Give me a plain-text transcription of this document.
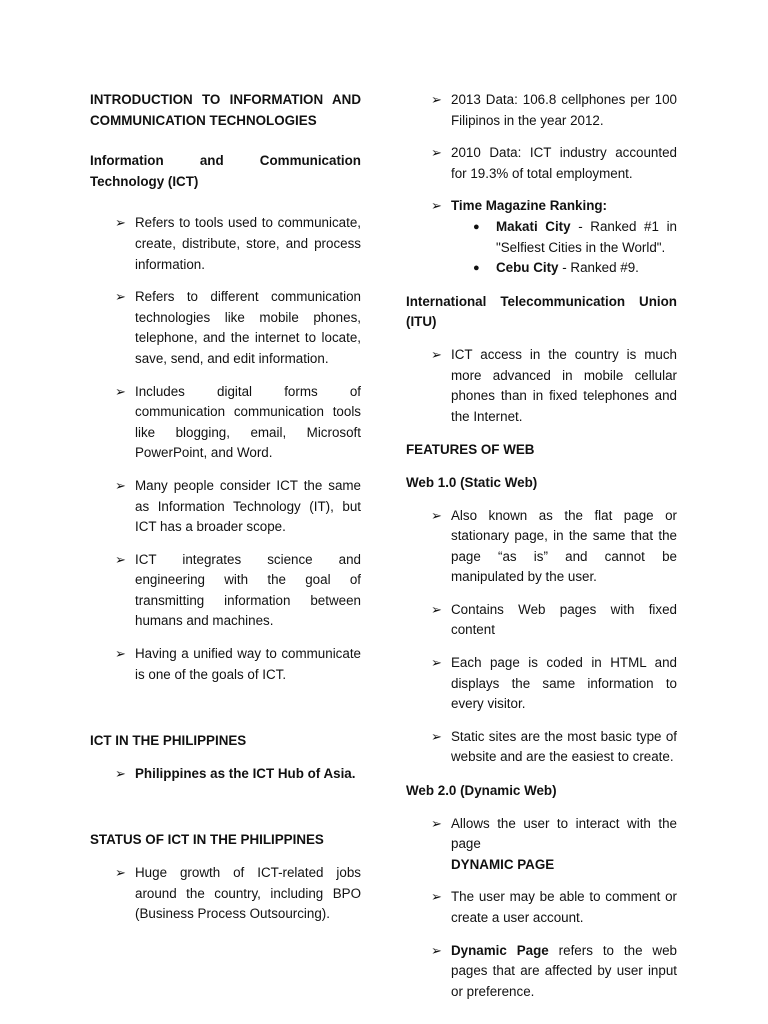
INTRODUCTION TO INFORMATION AND COMMUNICATION TECHNOLOGIES

Information and Communication Technology (ICT)

➢ Refers to tools used to communicate, create, distribute, store, and process information.
➢ Refers to different communication technologies like mobile phones, telephone, and the internet to locate, save, send, and edit information.
➢ Includes digital forms of communication communication tools like blogging, email, Microsoft PowerPoint, and Word.
➢ Many people consider ICT the same as Information Technology (IT), but ICT has a broader scope.
➢ ICT integrates science and engineering with the goal of transmitting information between humans and machines.
➢ Having a unified way to communicate is one of the goals of ICT.

ICT IN THE PHILIPPINES

➢ Philippines as the ICT Hub of Asia.

STATUS OF ICT IN THE PHILIPPINES

➢ Huge growth of ICT-related jobs around the country, including BPO (Business Process Outsourcing).
➢ 2013 Data: 106.8 cellphones per 100 Filipinos in the year 2012.
➢ 2010 Data: ICT industry accounted for 19.3% of total employment.
➢ Time Magazine Ranking:
● Makati City - Ranked #1 in "Selfiest Cities in the World".
● Cebu City - Ranked #9.

International Telecommunication Union (ITU)

➢ ICT access in the country is much more advanced in mobile cellular phones than in fixed telephones and the Internet.

FEATURES OF WEB

Web 1.0 (Static Web)

➢ Also known as the flat page or stationary page, in the same that the page “as is” and cannot be manipulated by the user.
➢ Contains Web pages with fixed content
➢ Each page is coded in HTML and displays the same information to every visitor.
➢ Static sites are the most basic type of website and are the easiest to create.

Web 2.0 (Dynamic Web)

➢ Allows the user to interact with the page
DYNAMIC PAGE
➢ The user may be able to comment or create a user account.
➢ Dynamic Page refers to the web pages that are affected by user input or preference.
